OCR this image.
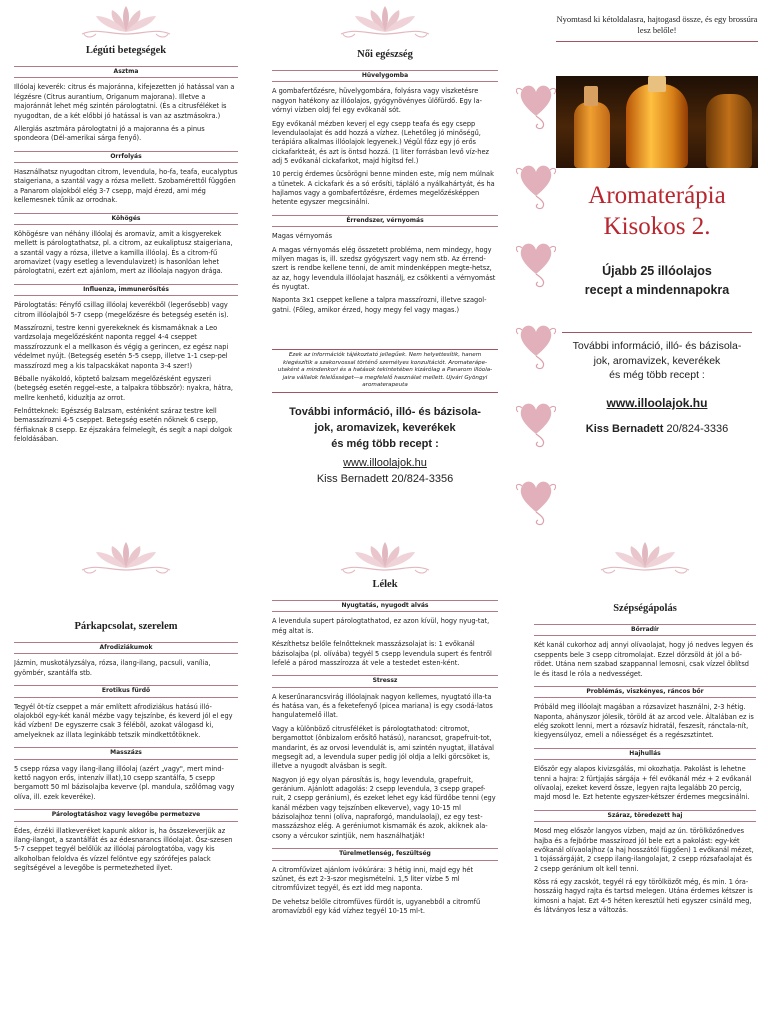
Légúti betegségek
Asztma

Illóolaj keverék: citrus és majoránna, kifejezetten jó hatással van a légzésre (Citrus aurantium, Origanum majorana). Illetve a majoránnát lehet még szintén párologtatni. (És a citrusféléket is nyugodtan, de a két előbbi jó hatással is van az asztmásokra.)

Allergiás asztmára párologtatni jó a majoranna és a pinus spondeora (Dél-amerikai sárga fenyő).

Orrfolyás

Használhatsz nyugodtan citrom, levendula, ho-fa, teafa, eucalyptus staigeriana, a szantál vagy a rózsa mellett. Szobamérettől függően a Panarom olajokból elég 3-7 csepp, majd érezd, ami még kellemesnek tűnik az orrodnak.

Köhögés

Köhögésre van néhány illóolaj és aromavíz, amit a kisgyerekek mellett is párologtathatsz, pl. a citrom, az eukaliptusz staigeriana, a szantál vagy a rózsa, illetve a kamilla illóolaj. És a citrom-fű aromavizet (vagy esetleg a levendulavizet) is hasonlóan lehet párologtatni, ezért ezt ajánlom, mert az illóolaja nagyon drága.

Influenza, immunerősítés

Párologtatás: Fényfő csillag illóolaj keverékből (legerősebb) vagy citrom illóolajból 5-7 csepp (megelőzésre és betegség esetén is).

Masszírozni, testre kenni gyerekeknek és kismamáknak a Leo vardzsolaja megelőzésként naponta reggel 4-4 cseppet masszírozzunk el a mellkason és végig a gerincen, ez egész napi védelmet nyújt. (Betegség esetén 5-5 csepp, illetve 1-1 csep-pel masszírozd meg a kis talpacskákat naponta 3-4 szer!)

Béballe nyákoldó, köptető balzsam megelőzésként egyszeri (betegség esetén reggel-este, a talpakra többször): nyakra, hátra, mellre kenhető, kiduzítja az orrot.

Felnőtteknek: Egészség Balzsam, esténként száraz testre kell bemasszírozni 4-5 cseppet. Betegség esetén nőknek 6 csepp, férfiaknak 8 csepp. Ez éjszakára felmelegít, és segít a napi dolgok feloldásában.

Női egészség
Hüvelygomba

A gombafertőzésre, hüvelygombára, folyásra vagy viszketésre nagyon hatékony az illóolajos, gyógynövényes ülőfürdő. Egy la-vórnyi vízben oldj fel egy evőkanál sót.

Egy evőkanál mézben keverj el egy csepp teafa és egy csepp levendulaolajat és add hozzá a vízhez. (Lehetőleg jó minőségű, terápiára alkalmas illóolajok legyenek.) Végül főzz egy jó erős cickafarkteát, és azt is öntsd hozzá. (1 liter forrásban levő víz-hez adj 5 evőkanál cickafarkot, majd hígítsd fel.)

10 percig érdemes ücsörögni benne minden este, míg nem múlnak a tünetek. A cickafark és a só erősíti, tápláló a nyálkahártyát, és ha hajlamos vagy a gombafertőzésre, érdemes megelőzésképpen hetente egyszer megcsinálni.

Érrendszer, vérnyomás

Magas vérnyomás

A magas vérnyomás elég összetett probléma, nem mindegy, hogy milyen magas is, ill. szedsz gyógyszert vagy nem stb. Az érrend-szert is rendbe kellene tenni, de amit mindenképpen megte-hetsz, az az, hogy levendula illóolajat használj, ez csökkenti a vérnyomást és nyugtat.

Naponta 3x1 cseppet kellene a talpra masszírozni, illetve szagol-gatni. (Főleg, amikor érzed, hogy megy fel vagy magas.)

Ezek az információk tájékoztató jellegűek. Nem helyettesítik, hanem kiegészítik a szakorvossal történő személyes konzultációt. Aromaterápe-utaként a mindenkori és a hatások tekintetében kizárólag a Panarom illóola-jaira vállalok felelősséget—a megfelelő használat mellett. Ujvári Gyöngyi aromaterapeuta
További információ, illó- és bázisola-
jok, aromavizek, keverékek
és még több recept :
www.illoolajok.hu
Kiss Bernadett 20/824-3356
Nyomtasd ki kétoldalasra, hajtogasd össze, és egy brossúra lesz belőle!
Aromaterápia
Kisokos 2.
Újabb 25 illóolajos
recept a mindennapokra
További információ, illó- és bázisola-
jok, aromavizek, keverékek
és még több recept :
www.illoolajok.hu
Kiss Bernadett 20/824-3336
Párkapcsolat, szerelem
Afrodiziákumok

Jázmin, muskotályzsálya, rózsa, ilang-ilang, pacsuli, vanília, gyömbér, szantálfa stb.

Erotikus fürdő

Tegyél öt-tíz cseppet a már említett afrodiziákus hatású illó-olajokból egy-két kanál mézbe vagy tejszínbe, és keverd jól el egy kád vízben! De egyszerre csak 3 félébõl, azokat válogasd ki, amelyeknek az illata leginkább tetszik mindkettőtöknek.

Masszázs

5 csepp rózsa vagy ilang-ilang illóolaj (azért „vagy", mert mind-kettő nagyon erős, intenzív illat),10 csepp szantálfa, 5 csepp bergamott 50 ml bázisolajba keverve (pl. mandula, szőlőmag vagy olíva, ill. ezek keveréke).

Párologtatáshoz vagy levegőbe permetezve

Édes, érzéki illatkeveréket kapunk akkor is, ha összekeverjük az ilang-ilangot, a szantálfát és az édesnarancs illóolajat. Ösz-szesen 5-7 cseppet tegyél belőlük az illóolaj párologtatóba, vagy kis alkoholban feloldva és vízzel felöntve egy szórófejes palack segítségével a levegőbe is permetezheted ilyet.

Lélek
Nyugtatás, nyugodt alvás

A levendula supert párologtathatod, ez azon kívül, hogy nyug-tat, még altat is.

Készíthetsz belőle felnőtteknek masszázsolajat is: 1 evőkanál bázisolajba (pl. olívába) tegyél 5 csepp levendula supert és fentről lefelé a párod masszírozza át vele a testedet esten-ként.

Stressz

A keserűnarancsvirág illóolajnak nagyon kellemes, nyugtató illa-ta és hatása van, és a feketefenyő (picea mariana) is egy csodá-latos hangulatemelő illat.

Vagy a különböző citrusféléket is párologtathatod: citromot, bergamottot (önbizalom erősítő hatású), narancsot, grapefruit-tot, mandarint, és az orvosi levendulát is, ami szintén nyugtat, illatával megsegít ad, a levendula super pedig jól oldja a lelki görcsöket is, illetve a nyugodt alvásban is segít.

Nagyon jó egy olyan párosítás is, hogy levendula, grapefruit, geránium. Ajánlott adagolás: 2 csepp levendula, 3 csepp grapef-ruit, 2 csepp geránium), és ezeket lehet egy kád fürdőbe tenni (egy kanál mézben vagy tejszínben elkeverve), vagy 10-15 ml bázisolajhoz tenni (olíva, napraforgó, mandulaolaj), ez egy test-masszázshoz elég. A geréniumot kismamák és azok, akiknek ala-csony a vércukor szintjük, nem használhatják!

Türelmetlenség, feszültség

A citromfűvizet ajánlom ivókúrára: 3 hétig inni, majd egy hét szünet, és ezt 2-3-szor megismételni. 1,5 liter vízbe 5 ml citromfűvizet tegyél, és ezt idd meg naponta.

De vehetsz belőle citromfüves fürdőt is, ugyanebből a citromfű aromavízből egy kád vízhez tegyél 10-15 ml-t.

Szépségápolás
Bőrradír

Két kanál cukorhoz adj annyi olívaolajat, hogy jó nedves legyen és cseppents bele 3 csepp citromolajat. Ezzel dörzsöld át jól a bő-rödet. Utána nem szabad szappannal lemosni, csak vízzel öblítsd le és itasd le róla a nedvességet.

Problémás, viszkényes, ráncos bőr

Próbáld meg illóolajt magában a rózsavizet használni, 2-3 hétig. Naponta, ahányszor jólesik, töröld át az arcod vele. Általában ez is elég szokott lenni, mert a rózsavíz hidratál, feszesít, ránctala-nít, kiegyensúlyoz, emeli a nőiességet és a regészsztintet.

Hajhullás

Először egy alapos kivizsgálás, mi okozhatja. Pakolást is lehetne tenni a hajra: 2 fürtjajás sárgája + fél evőkanál méz + 2 evőkanál olívaolaj, ezeket keverd össze, legyen rajta legalább 20 percig, majd mosd le. Ezt hetente egyszer-kétszer érdemes megcsinálni.

Száraz, töredezett haj

Mosd meg először langyos vízben, majd az ún. törölközőnedves hajba és a fejbőrbe masszírozd jól bele ezt a pakolást: egy-két evőkanál olívaolajhoz (a haj hosszától függően) 1 evőkanál mézet, 1 tojássárgáját, 2 csepp ilang-ilangolajat, 2 csepp rózsafaolajat és 2 csepp geránium olt kell tenni.

Köss rá egy zacskót, tegyél rá egy törölközőt még, és min. 1 óra-hosszáig hagyd rajta és tartsd melegen. Utána érdemes kétszer is kimosni a hajat. Ezt 4-5 héten keresztül heti egyszer csináld meg, és látványos lesz a változás.
